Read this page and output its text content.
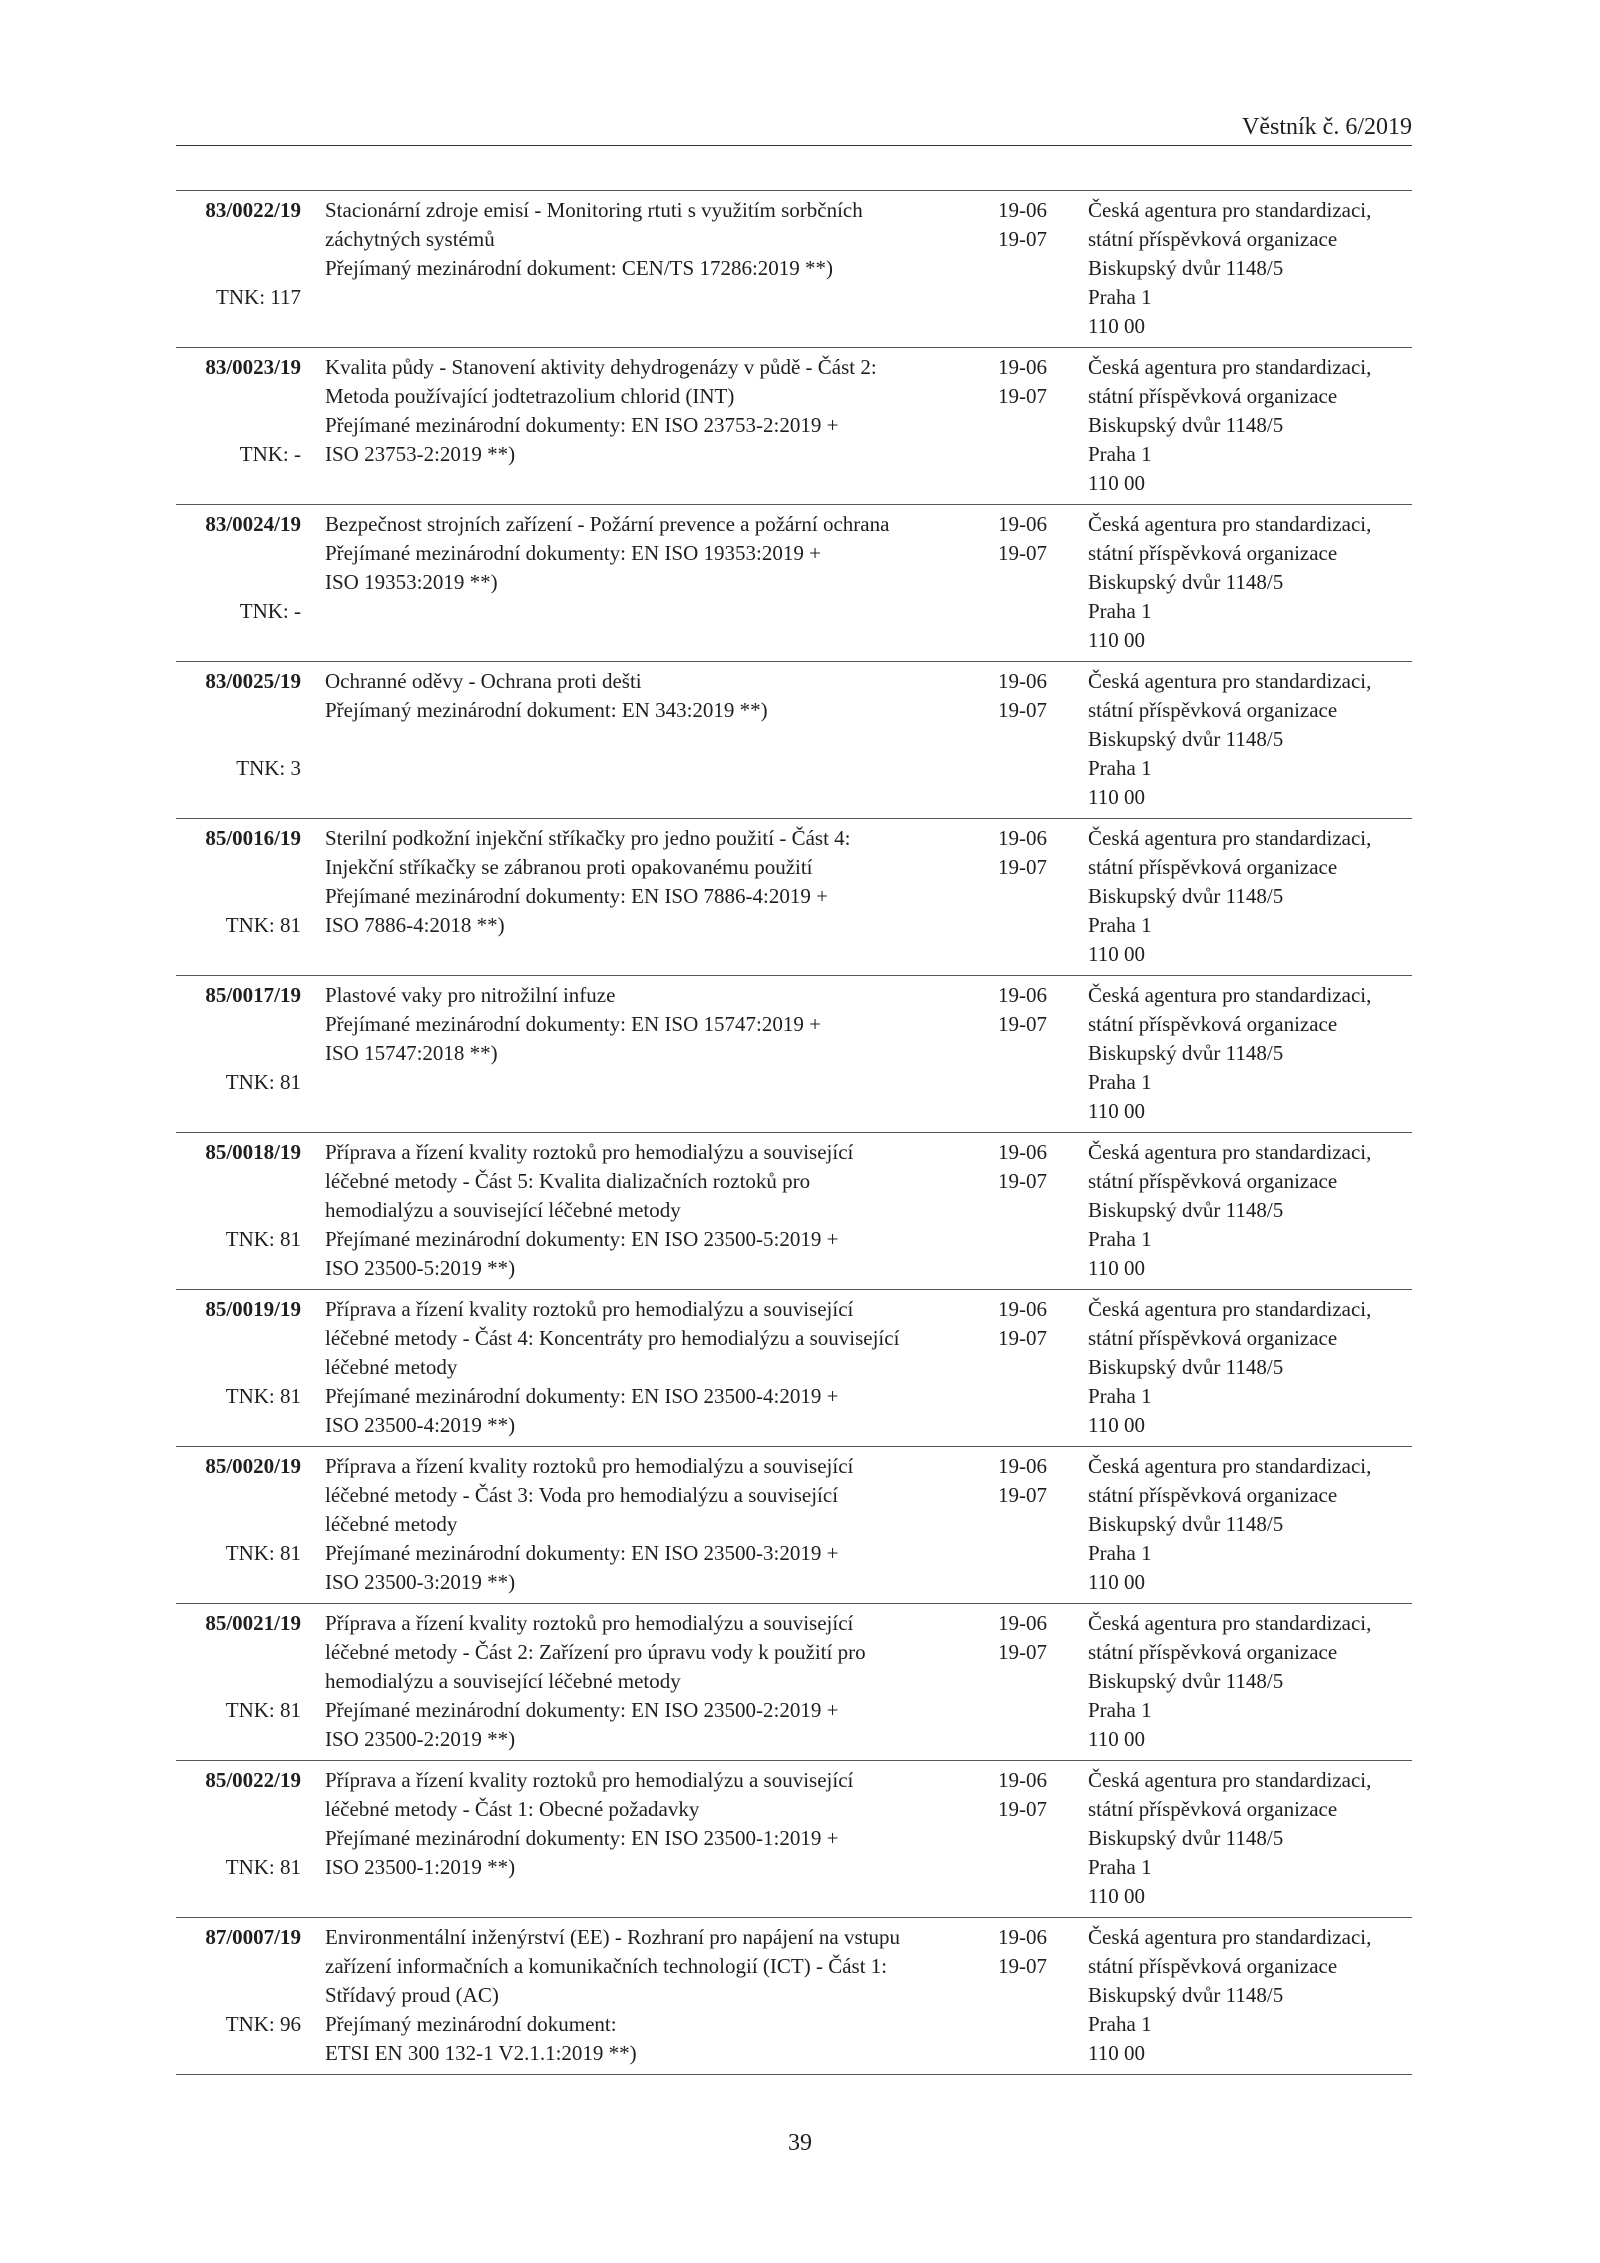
Věstník č. 6/2019
83/0022/19
TNK: 117
Stacionární zdroje emisí - Monitoring rtuti s využitím sorbčních
záchytných systémů
Přejímaný mezinárodní dokument: CEN/TS 17286:2019 **)

19-06
19-07
Česká agentura pro standardizaci,
státní příspěvková organizace
Biskupský dvůr 1148/5
Praha 1
110 00
83/0023/19
TNK: -
Kvalita půdy - Stanovení aktivity dehydrogenázy v půdě - Část 2:
Metoda používající jodtetrazolium chlorid (INT)
Přejímané mezinárodní dokumenty: EN ISO 23753-2:2019 +
ISO 23753-2:2019 **)

19-06
19-07
Česká agentura pro standardizaci,
státní příspěvková organizace
Biskupský dvůr 1148/5
Praha 1
110 00
83/0024/19
TNK: -
Bezpečnost strojních zařízení - Požární prevence a požární ochrana
Přejímané mezinárodní dokumenty: EN ISO 19353:2019 +
ISO 19353:2019 **)

19-06
19-07
Česká agentura pro standardizaci,
státní příspěvková organizace
Biskupský dvůr 1148/5
Praha 1
110 00
83/0025/19
TNK: 3
Ochranné oděvy - Ochrana proti dešti
Přejímaný mezinárodní dokument: EN 343:2019 **)

19-06
19-07
Česká agentura pro standardizaci,
státní příspěvková organizace
Biskupský dvůr 1148/5
Praha 1
110 00
85/0016/19
TNK: 81
Sterilní podkožní injekční stříkačky pro jedno použití - Část 4:
Injekční stříkačky se zábranou proti opakovanému použití
Přejímané mezinárodní dokumenty: EN ISO 7886-4:2019 +
ISO 7886-4:2018 **)

19-06
19-07
Česká agentura pro standardizaci,
státní příspěvková organizace
Biskupský dvůr 1148/5
Praha 1
110 00
85/0017/19
TNK: 81
Plastové vaky pro nitrožilní infuze
Přejímané mezinárodní dokumenty: EN ISO 15747:2019 +
ISO 15747:2018 **)

19-06
19-07
Česká agentura pro standardizaci,
státní příspěvková organizace
Biskupský dvůr 1148/5
Praha 1
110 00
85/0018/19
TNK: 81
Příprava a řízení kvality roztoků pro hemodialýzu a související
léčebné metody - Část 5: Kvalita dializačních roztoků pro
hemodialýzu a související léčebné metody
Přejímané mezinárodní dokumenty: EN ISO 23500-5:2019 +
ISO 23500-5:2019 **)
19-06
19-07
Česká agentura pro standardizaci,
státní příspěvková organizace
Biskupský dvůr 1148/5
Praha 1
110 00
85/0019/19
TNK: 81
Příprava a řízení kvality roztoků pro hemodialýzu a související
léčebné metody - Část 4: Koncentráty pro hemodialýzu a související
léčebné metody
Přejímané mezinárodní dokumenty: EN ISO 23500-4:2019 +
ISO 23500-4:2019 **)
19-06
19-07
Česká agentura pro standardizaci,
státní příspěvková organizace
Biskupský dvůr 1148/5
Praha 1
110 00
85/0020/19
TNK: 81
Příprava a řízení kvality roztoků pro hemodialýzu a související
léčebné metody - Část 3: Voda pro hemodialýzu a související
léčebné metody
Přejímané mezinárodní dokumenty: EN ISO 23500-3:2019 +
ISO 23500-3:2019 **)
19-06
19-07
Česká agentura pro standardizaci,
státní příspěvková organizace
Biskupský dvůr 1148/5
Praha 1
110 00
85/0021/19
TNK: 81
Příprava a řízení kvality roztoků pro hemodialýzu a související
léčebné metody - Část 2: Zařízení pro úpravu vody k použití pro
hemodialýzu a související léčebné metody
Přejímané mezinárodní dokumenty: EN ISO 23500-2:2019 +
ISO 23500-2:2019 **)
19-06
19-07
Česká agentura pro standardizaci,
státní příspěvková organizace
Biskupský dvůr 1148/5
Praha 1
110 00
85/0022/19
TNK: 81
Příprava a řízení kvality roztoků pro hemodialýzu a související
léčebné metody - Část 1: Obecné požadavky
Přejímané mezinárodní dokumenty: EN ISO 23500-1:2019 +
ISO 23500-1:2019 **)

19-06
19-07
Česká agentura pro standardizaci,
státní příspěvková organizace
Biskupský dvůr 1148/5
Praha 1
110 00
87/0007/19
TNK: 96
Environmentální inženýrství (EE) - Rozhraní pro napájení na vstupu
zařízení informačních a komunikačních technologií (ICT) - Část 1:
Střídavý proud (AC)
Přejímaný mezinárodní dokument:
ETSI EN 300 132-1 V2.1.1:2019 **)
19-06
19-07
Česká agentura pro standardizaci,
státní příspěvková organizace
Biskupský dvůr 1148/5
Praha 1
110 00
39
